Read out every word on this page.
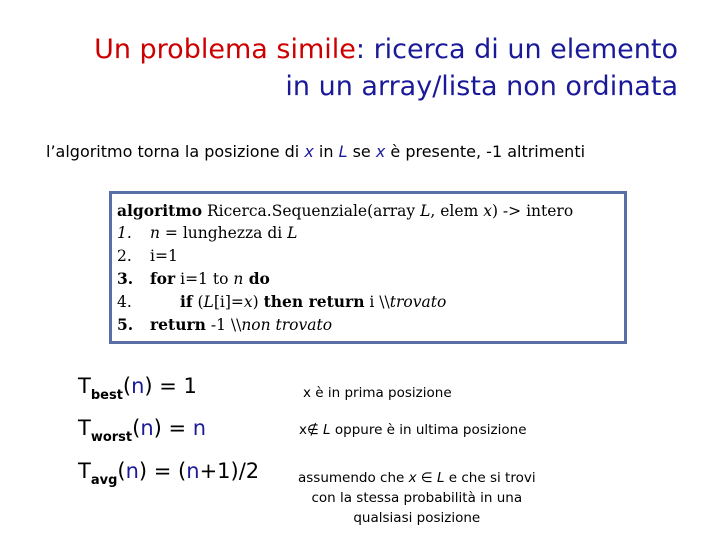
Un problema simile: ricerca di un elemento
in un array/lista non ordinata
l’algoritmo torna la posizione di x in L se x è presente, -1 altrimenti
algoritmo Ricerca.Sequenziale(array L, elem x) -> intero
1. n = lunghezza di L
2. i=1
3. for i=1 to n do
4.	if (L[i]=x) then return i \\trovato
5. return -1 \\non trovato
$T_{best}(n) = 1$
$T_{worst}(n) = n$
$T_{avg}(n) = (n+1)/2$
x è in prima posizione
x∉ L oppure è in ultima posizione
assumendo che x ∈ L e che si trovi
con la stessa probabilità in una
qualsiasi posizione
